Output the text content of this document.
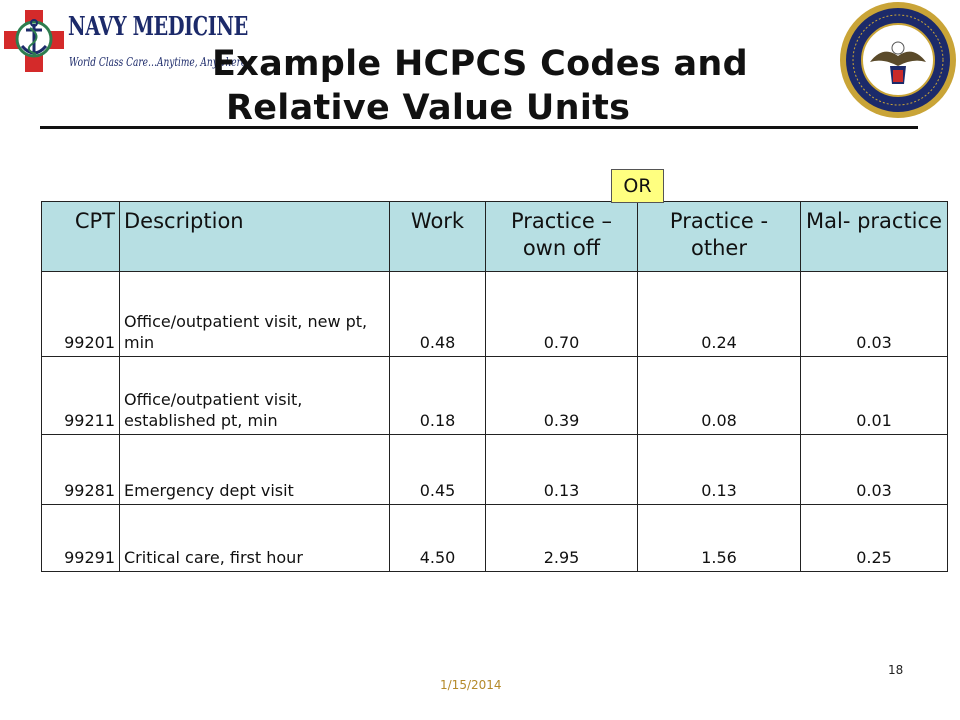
NAVY MEDICINE
World Class Care…Anytime, Anywhere
Example HCPCS Codes and
Relative Value Units
OR
CPT	Description	Work	Practice – own off	Practice - other	Mal- practice
99201	Office/outpatient visit, new pt, min	0.48	0.70	0.24	0.03
99211	Office/outpatient visit, established pt, min	0.18	0.39	0.08	0.01
99281	Emergency dept visit	0.45	0.13	0.13	0.03
99291	Critical care, first hour	4.50	2.95	1.56	0.25
1/15/2014
18
